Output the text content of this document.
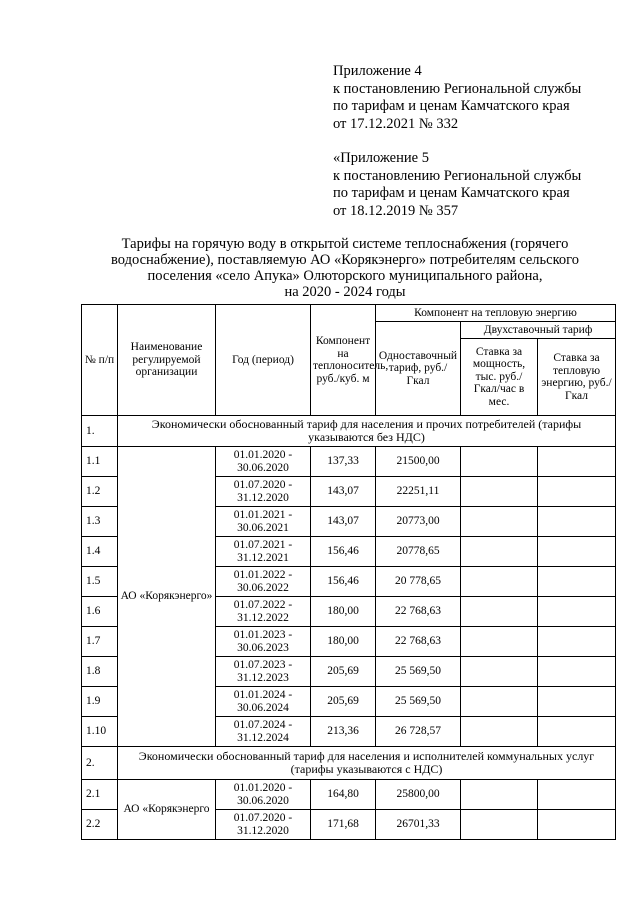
Приложение 4
к постановлению Региональной службы
по тарифам и ценам Камчатского края
от 17.12.2021 № 332
«Приложение 5
к постановлению Региональной службы
по тарифам и ценам Камчатского края
от 18.12.2019 № 357
Тарифы на горячую воду в открытой системе теплоснабжения (горячего
водоснабжение), поставляемую АО «Корякэнерго» потребителям сельского
поселения «село Апука» Олюторского муниципального района,
на 2020 - 2024 годы
№ п/п	Наименование регулируемой организации	Год (период)	Компонент на теплоноситель, руб./куб. м	Компонент на тепловую энергию		
				Одноставочный тариф, руб./Гкал	Двухставочный тариф	
					Ставка за мощность, тыс. руб./Гкал/час в мес.	Ставка за тепловую энергию, руб./Гкал
1.	Экономически обоснованный тариф для населения и прочих потребителей (тарифы указываются без НДС)					
1.1	АО «Корякэнерго»	01.01.2020 - 30.06.2020	137,33	21500,00		
1.2		01.07.2020 - 31.12.2020	143,07	22251,11		
1.3		01.01.2021 - 30.06.2021	143,07	20773,00		
1.4		01.07.2021 - 31.12.2021	156,46	20778,65		
1.5		01.01.2022 - 30.06.2022	156,46	20 778,65		
1.6		01.07.2022 - 31.12.2022	180,00	22 768,63		
1.7		01.01.2023 - 30.06.2023	180,00	22 768,63		
1.8		01.07.2023 - 31.12.2023	205,69	25 569,50		
1.9		01.01.2024 - 30.06.2024	205,69	25 569,50		
1.10		01.07.2024 - 31.12.2024	213,36	26 728,57		
2.	Экономически обоснованный тариф для населения и исполнителей коммунальных услуг (тарифы указываются с НДС)					
2.1	АО «Корякэнерго	01.01.2020 - 30.06.2020	164,80	25800,00		
2.2		01.07.2020 - 31.12.2020	171,68	26701,33		
